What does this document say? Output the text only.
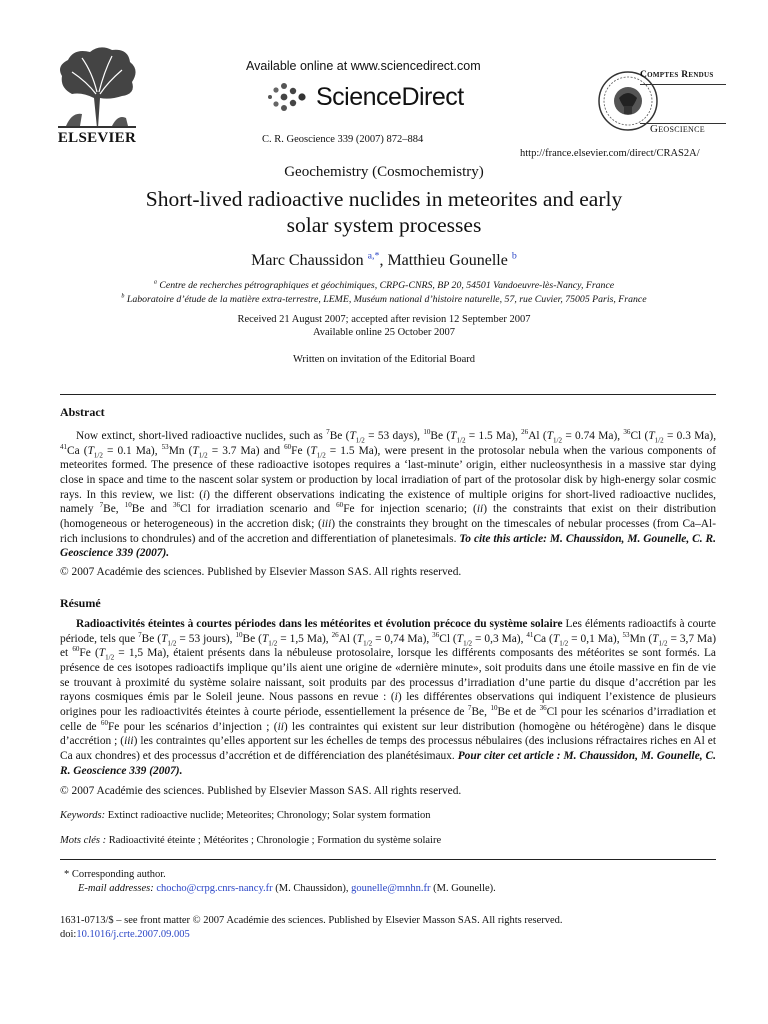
ELSEVIER
Available online at www.sciencedirect.com
ScienceDirect
C. R. Geoscience 339 (2007) 872–884
Comptes Rendus
Geoscience
http://france.elsevier.com/direct/CRAS2A/
Geochemistry (Cosmochemistry)
Short-lived radioactive nuclides in meteorites and early
solar system processes
Marc Chaussidon $^{a,*}$, Matthieu Gounelle $^b$
$^a$ Centre de recherches pétrographiques et géochimiques, CRPG-CNRS, BP 20, 54501 Vandoeuvre-lès-Nancy, France
$^b$ Laboratoire d’étude de la matière extra-terrestre, LEME, Muséum national d’histoire naturelle, 57, rue Cuvier, 75005 Paris, France
Received 21 August 2007; accepted after revision 12 September 2007
Available online 25 October 2007
Written on invitation of the Editorial Board
Abstract
Now extinct, short-lived radioactive nuclides, such as $^7$Be ($T_{1/2} = 53$ days), $^{10}$Be ($T_{1/2} = 1.5$ Ma), $^{26}$Al ($T_{1/2} = 0.74$ Ma), $^{36}$Cl ($T_{1/2} = 0.3$ Ma), $^{41}$Ca ($T_{1/2} = 0.1$ Ma), $^{53}$Mn ($T_{1/2} = 3.7$ Ma) and $^{60}$Fe ($T_{1/2} = 1.5$ Ma), were present in the protosolar nebula when the various components of meteorites formed. The presence of these radioactive isotopes requires a ‘last-minute’ origin, either nucleosynthesis in a massive star dying close in space and time to the nascent solar system or production by local irradiation of part of the protosolar disk by high-energy solar cosmic rays. In this review, we list: (i) the different observations indicating the existence of multiple origins for short-lived radioactive nuclides, namely $^7$Be, $^{10}$Be and $^{36}$Cl for irradiation scenario and $^{60}$Fe for injection scenario; (ii) the constraints that exist on their distribution (homogeneous or heterogeneous) in the accretion disk; (iii) the constraints they brought on the timescales of nebular processes (from Ca–Al-rich inclusions to chondrules) and of the accretion and differentiation of planetesimals. To cite this article: M. Chaussidon, M. Gounelle, C. R. Geoscience 339 (2007).
© 2007 Académie des sciences. Published by Elsevier Masson SAS. All rights reserved.
Résumé
Radioactivités éteintes à courtes périodes dans les météorites et évolution précoce du système solaire Les éléments radioactifs à courte période, tels que $^7$Be ($T_{1/2} = 53$ jours), $^{10}$Be ($T_{1/2} = 1,5$ Ma), $^{26}$Al ($T_{1/2} = 0,74$ Ma), $^{36}$Cl ($T_{1/2} = 0,3$ Ma), $^{41}$Ca ($T_{1/2} = 0,1$ Ma), $^{53}$Mn ($T_{1/2} = 3,7$ Ma) et $^{60}$Fe ($T_{1/2} = 1,5$ Ma), étaient présents dans la nébuleuse protosolaire, lorsque les différents composants des météorites se sont formés. La présence de ces isotopes radioactifs implique qu’ils aient une origine de «dernière minute», soit produits dans une étoile massive en fin de vie se trouvant à proximité du système solaire naissant, soit produits par des processus d’irradiation d’une partie du disque d’accrétion par les rayons cosmiques émis par le Soleil jeune. Nous passons en revue : (i) les différentes observations qui indiquent l’existence de plusieurs origines pour les radioactivités éteintes à courte période, essentiellement la présence de $^7$Be, $^{10}$Be et de $^{36}$Cl pour les scénarios d’irradiation et celle de $^{60}$Fe pour les scénarios d’injection ; (ii) les contraintes qui existent sur leur distribution (homogène ou hétérogène) dans le disque d’accrétion ; (iii) les contraintes qu’elles apportent sur les échelles de temps des processus nébulaires (des inclusions réfractaires riches en Al et Ca aux chondres) et des processus d’accrétion et de différenciation des planétésimaux. Pour citer cet article : M. Chaussidon, M. Gounelle, C. R. Geoscience 339 (2007).
© 2007 Académie des sciences. Published by Elsevier Masson SAS. All rights reserved.
Keywords: Extinct radioactive nuclide; Meteorites; Chronology; Solar system formation
Mots clés : Radioactivité éteinte ; Météorites ; Chronologie ; Formation du système solaire
* Corresponding author.
E-mail addresses: chocho@crpg.cnrs-nancy.fr (M. Chaussidon), gounelle@mnhn.fr (M. Gounelle).
1631-0713/$ – see front matter © 2007 Académie des sciences. Published by Elsevier Masson SAS. All rights reserved.
doi:10.1016/j.crte.2007.09.005
